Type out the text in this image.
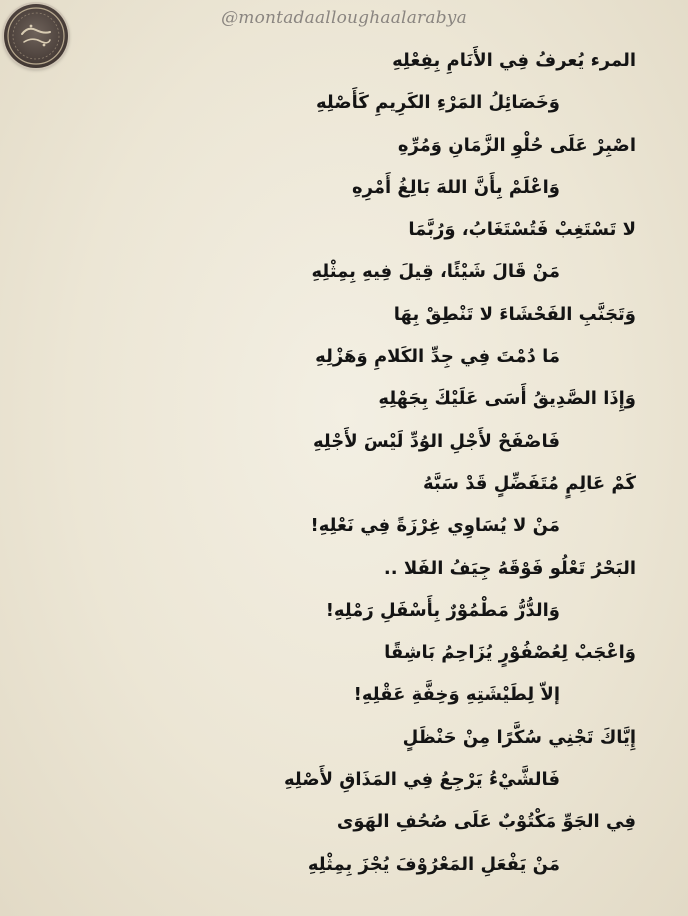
@montadaalloughaalarabya
المرء يُعرفُ فِي الأَنَامِ بِفِعْلِهِ
وَخَصَائِلُ المَرْءِ الكَرِيمِ كَأَصْلِهِ
اصْبِرْ عَلَى حُلْوِ الزَّمَانِ وَمُرِّهِ
وَاعْلَمْ بِأَنَّ اللهَ بَالِغُ أَمْرِهِ
لا تَسْتَغِبْ فَتُسْتَغَابُ، وَرُبَّمَا
مَنْ قَالَ شَيْئًا، قِيلَ فِيهِ بِمِثْلِهِ
وَتَجَنَّبِ الفَحْشَاءَ لا تَنْطِقْ بِهَا
مَا دُمْتَ فِي جِدِّ الكَلامِ وَهَزْلِهِ
وَإِذَا الصَّدِيقُ أَسَى عَلَيْكَ بِجَهْلِهِ
فَاصْفَحْ لأَجْلِ الوُدِّ لَيْسَ لأَجْلِهِ
كَمْ عَالِمٍ مُتَفَضِّلٍ قَدْ سَبَّهُ
مَنْ لا يُسَاوِي غِرْزَةً فِي نَعْلِهِ!
البَحْرُ تَعْلُو فَوْقَهُ جِيَفُ الفَلا ..
وَالدُّرُّ مَطْمُوْرٌ بِأَسْفَلِ رَمْلِهِ!
وَاعْجَبْ لِعُصْفُوْرٍ يُزَاحِمُ بَاشِقًا
إلاّ لِطَيْشَتِهِ وَخِفَّةِ عَقْلِهِ!
إِيَّاكَ تَجْنِي سُكَّرًا مِنْ حَنْظَلٍ
فَالشَّيْءُ يَرْجِعُ فِي المَذَاقِ لأَصْلِهِ
فِي الجَوِّ مَكْتُوْبٌ عَلَى صُحُفِ الهَوَى
مَنْ يَفْعَلِ المَعْرُوْفَ يُجْزَ بِمِثْلِهِ
